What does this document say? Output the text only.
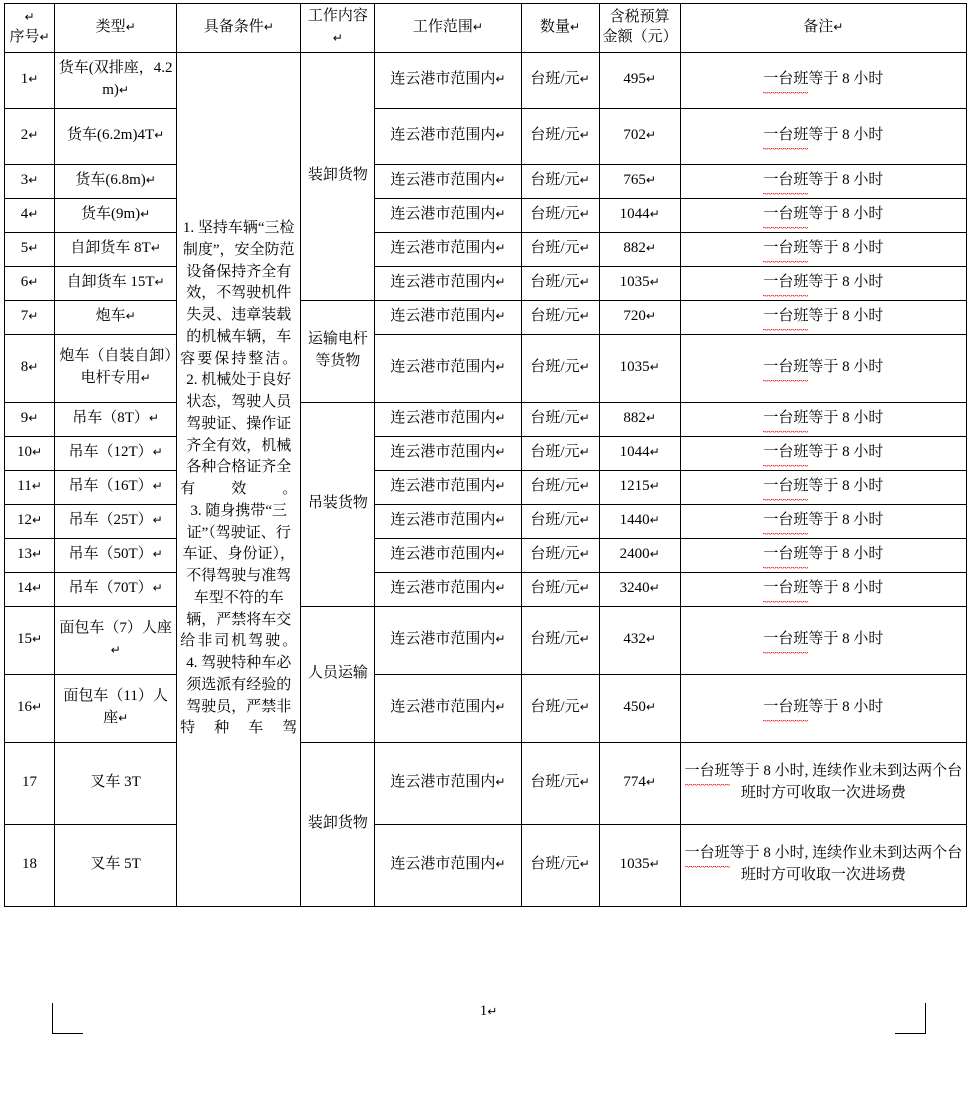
↵
序号↵	类型↵	具备条件↵	工作内容↵	工作范围↵	数量↵	含税预算
金额（元）	备注↵
1↵	货车(双排座，4.2m)↵	1. 坚持车辆“三检制度”，安全防范设备保持齐全有效，不驾驶机件失灵、违章装载的机械车辆，车容要保持整洁。

2. 机械处于良好状态，驾驶人员驾驶证、操作证齐全有效，机械各种合格证齐全有效。

3. 随身携带“三证”（驾驶证、行车证、身份证），不得驾驶与准驾车型不符的车辆，严禁将车交给非司机驾驶。

4. 驾驶特种车必须选派有经验的驾驶员，严禁非特种车驾	装卸货物	连云港市范围内↵	台班/元↵	495↵	一台班等于 8 小时
2↵	货车(6.2m)4T↵			连云港市范围内↵	台班/元↵	702↵	一台班等于 8 小时
3↵	货车(6.8m)↵			连云港市范围内↵	台班/元↵	765↵	一台班等于 8 小时
4↵	货车(9m)↵			连云港市范围内↵	台班/元↵	1044↵	一台班等于 8 小时
5↵	自卸货车 8T↵			连云港市范围内↵	台班/元↵	882↵	一台班等于 8 小时
6↵	自卸货车 15T↵			连云港市范围内↵	台班/元↵	1035↵	一台班等于 8 小时
7↵	炮车↵		运输电杆等货物	连云港市范围内↵	台班/元↵	720↵	一台班等于 8 小时
8↵	炮车（自装自卸）电杆专用↵			连云港市范围内↵	台班/元↵	1035↵	一台班等于 8 小时
9↵	吊车（8T）↵		吊装货物	连云港市范围内↵	台班/元↵	882↵	一台班等于 8 小时
10↵	吊车（12T）↵			连云港市范围内↵	台班/元↵	1044↵	一台班等于 8 小时
11↵	吊车（16T）↵			连云港市范围内↵	台班/元↵	1215↵	一台班等于 8 小时
12↵	吊车（25T）↵			连云港市范围内↵	台班/元↵	1440↵	一台班等于 8 小时
13↵	吊车（50T）↵			连云港市范围内↵	台班/元↵	2400↵	一台班等于 8 小时
14↵	吊车（70T）↵			连云港市范围内↵	台班/元↵	3240↵	一台班等于 8 小时
15↵	面包车（7）人座↵		人员运输	连云港市范围内↵	台班/元↵	432↵	一台班等于 8 小时
16↵	面包车（11）人座↵			连云港市范围内↵	台班/元↵	450↵	一台班等于 8 小时
17	叉车 3T		装卸货物	连云港市范围内↵	台班/元↵	774↵	一台班等于 8 小时, 连续作业未到达两个台班时方可收取一次进场费
18	叉车 5T			连云港市范围内↵	台班/元↵	1035↵	一台班等于 8 小时, 连续作业未到达两个台班时方可收取一次进场费
1↵
